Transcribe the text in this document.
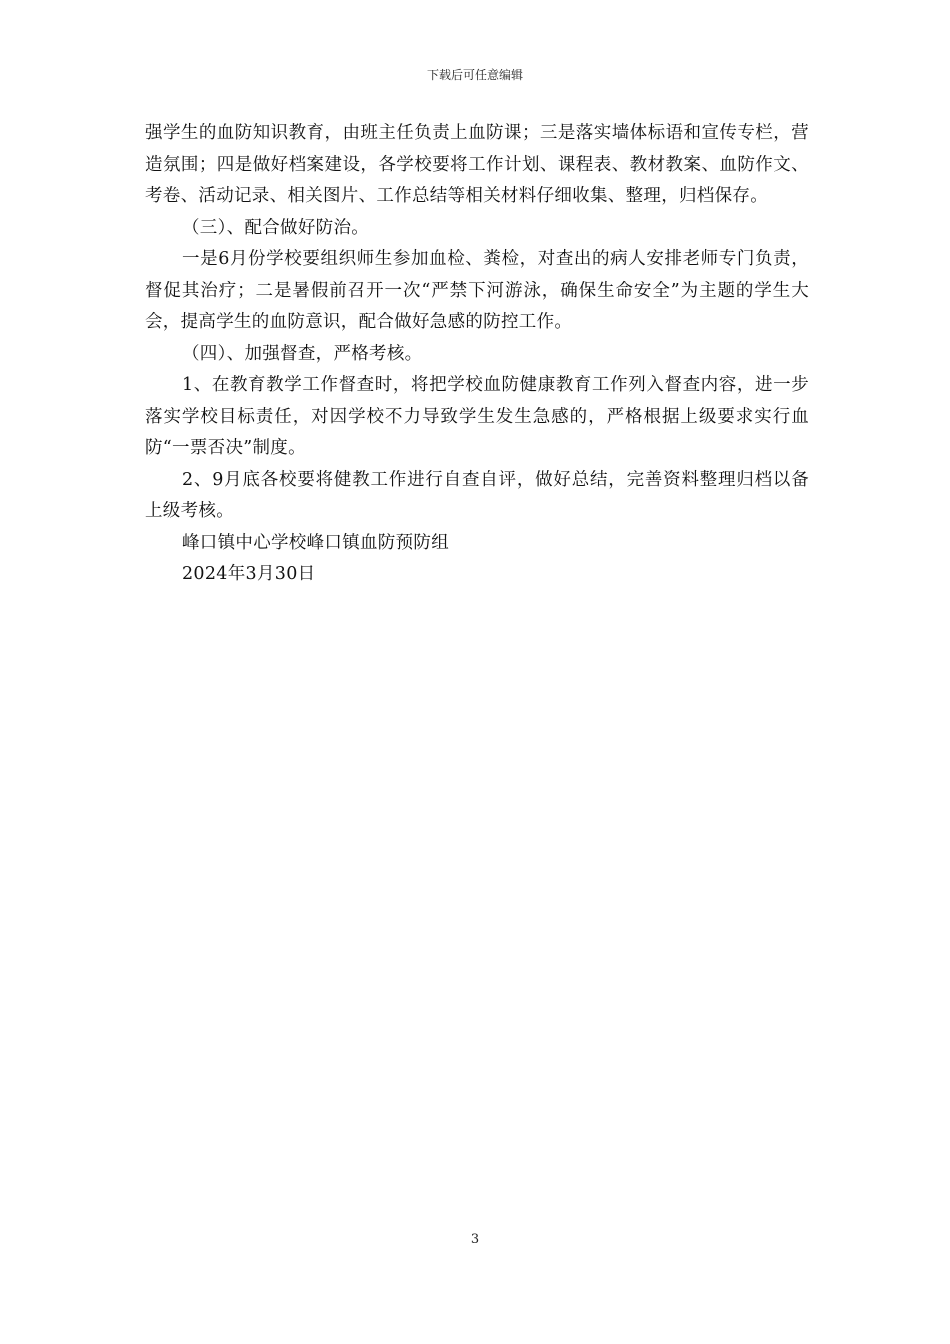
下载后可任意编辑

强学生的血防知识教育，由班主任负责上血防课；三是落实墙体标语和宣传专栏，营造氛围；四是做好档案建设，各学校要将工作计划、课程表、教材教案、血防作文、考卷、活动记录、相关图片、工作总结等相关材料仔细收集、整理，归档保存。

（三）、配合做好防治。

一是6月份学校要组织师生参加血检、粪检，对查出的病人安排老师专门负责，督促其治疗；二是暑假前召开一次“严禁下河游泳，确保生命安全”为主题的学生大会，提高学生的血防意识，配合做好急感的防控工作。

（四）、加强督查，严格考核。

1、在教育教学工作督查时，将把学校血防健康教育工作列入督查内容，进一步落实学校目标责任，对因学校不力导致学生发生急感的，严格根据上级要求实行血防“一票否决”制度。

2、9月底各校要将健教工作进行自查自评，做好总结，完善资料整理归档以备上级考核。

峰口镇中心学校峰口镇血防预防组

2024年3月30日

3
